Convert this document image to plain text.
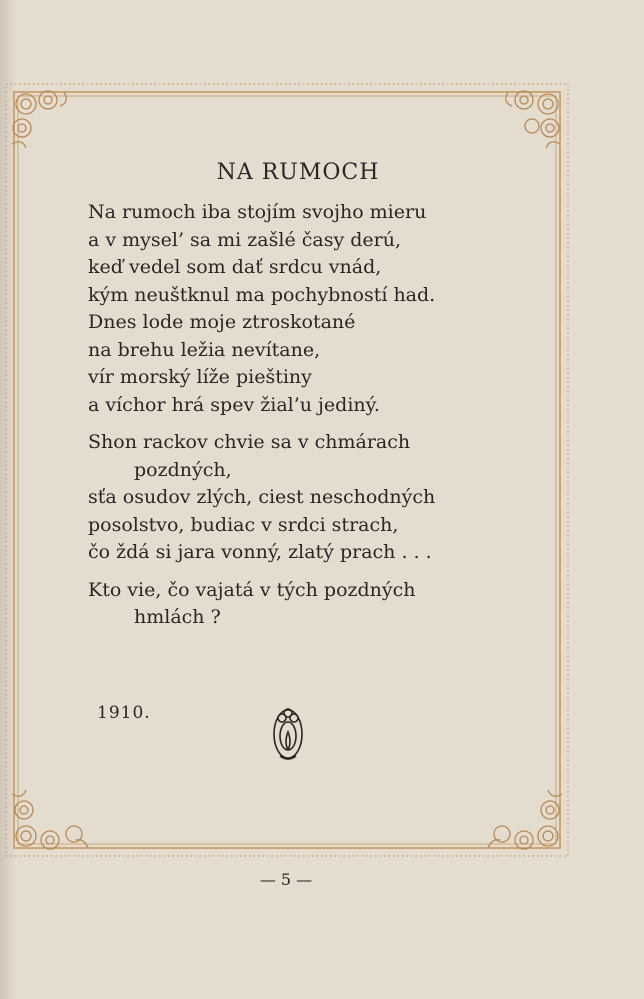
NA RUMOCH
Na rumoch iba stojím svojho mieru
a v mysel’ sa mi zašlé časy derú,
keď vedel som dať srdcu vnád,
kým neuštknul ma pochybností had.
Dnes lode moje ztroskotané
na brehu ležia nevítane,
vír morský líže pieštiny
a víchor hrá spev žial’u jediný.
Shon rackov chvie sa v chmárach
pozdných,
sťa osudov zlých, ciest neschodných
posolstvo, budiac v srdci strach,
čo ždá si jara vonný, zlatý prach . . .
Kto vie, čo vajatá v tých pozdných
hmlách ?
1910.
— 5 —
